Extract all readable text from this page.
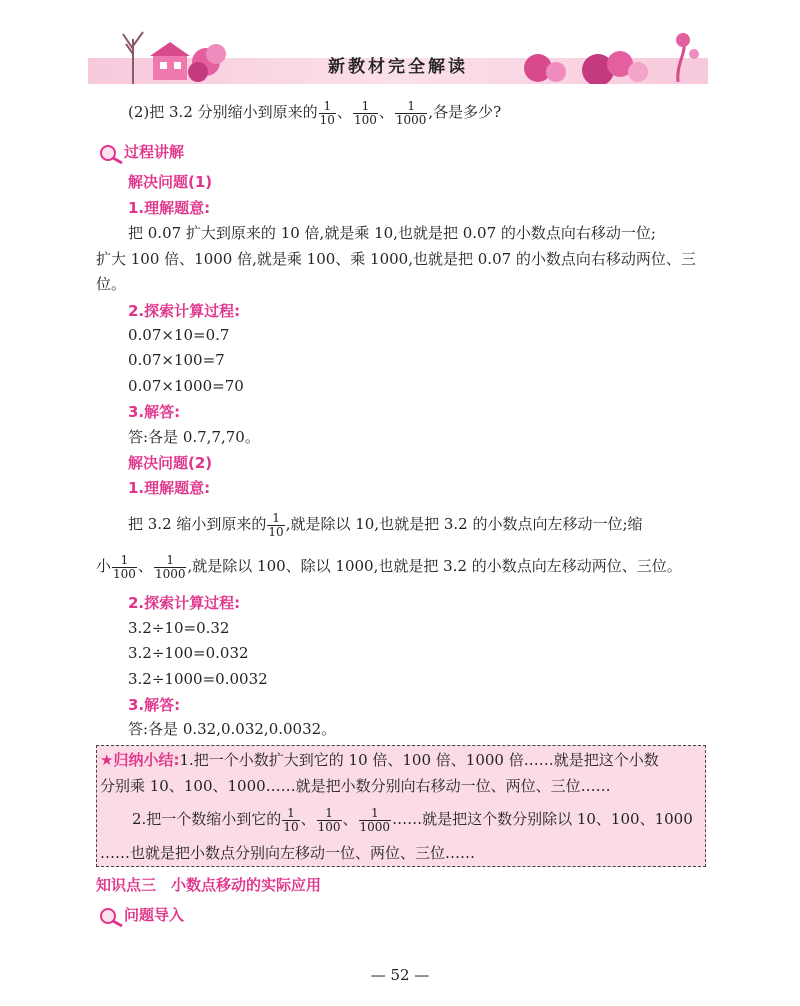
新教材完全解读
(2)把 3.2 分别缩小到原来的 $\frac{1}{10}$ 、 $\frac{1}{100}$ 、 $\frac{1}{1000}$ ,各是多少?
过程讲解
解决问题(1)
1.理解题意:
把 0.07 扩大到原来的 10 倍,就是乘 10,也就是把 0.07 的小数点向右移动一位;
扩大 100 倍、1000 倍,就是乘 100、乘 1000,也就是把 0.07 的小数点向右移动两位、三
位。
2.探索计算过程:
0.07×10=0.7
0.07×100=7
0.07×1000=70
3.解答:
答:各是 0.7,7,70。
解决问题(2)
1.理解题意:
把 3.2 缩小到原来的 $\frac{1}{10}$ ,就是除以 10,也就是把 3.2 的小数点向左移动一位;缩
小 $\frac{1}{100}$ 、 $\frac{1}{1000}$ ,就是除以 100、除以 1000,也就是把 3.2 的小数点向左移动两位、三位。
2.探索计算过程:
3.2÷10=0.32
3.2÷100=0.032
3.2÷1000=0.0032
3.解答:
答:各是 0.32,0.032,0.0032。
★归纳小结:1.把一个小数扩大到它的 10 倍、100 倍、1000 倍……就是把这个小数
分别乘 10、100、1000……就是把小数分别向右移动一位、两位、三位……
2.把一个数缩小到它的 $\frac{1}{10}$ 、 $\frac{1}{100}$ 、 $\frac{1}{1000}$ ……就是把这个数分别除以 10、100、1000
……也就是把小数点分别向左移动一位、两位、三位……
知识点三　小数点移动的实际应用
问题导入
— 52 —
